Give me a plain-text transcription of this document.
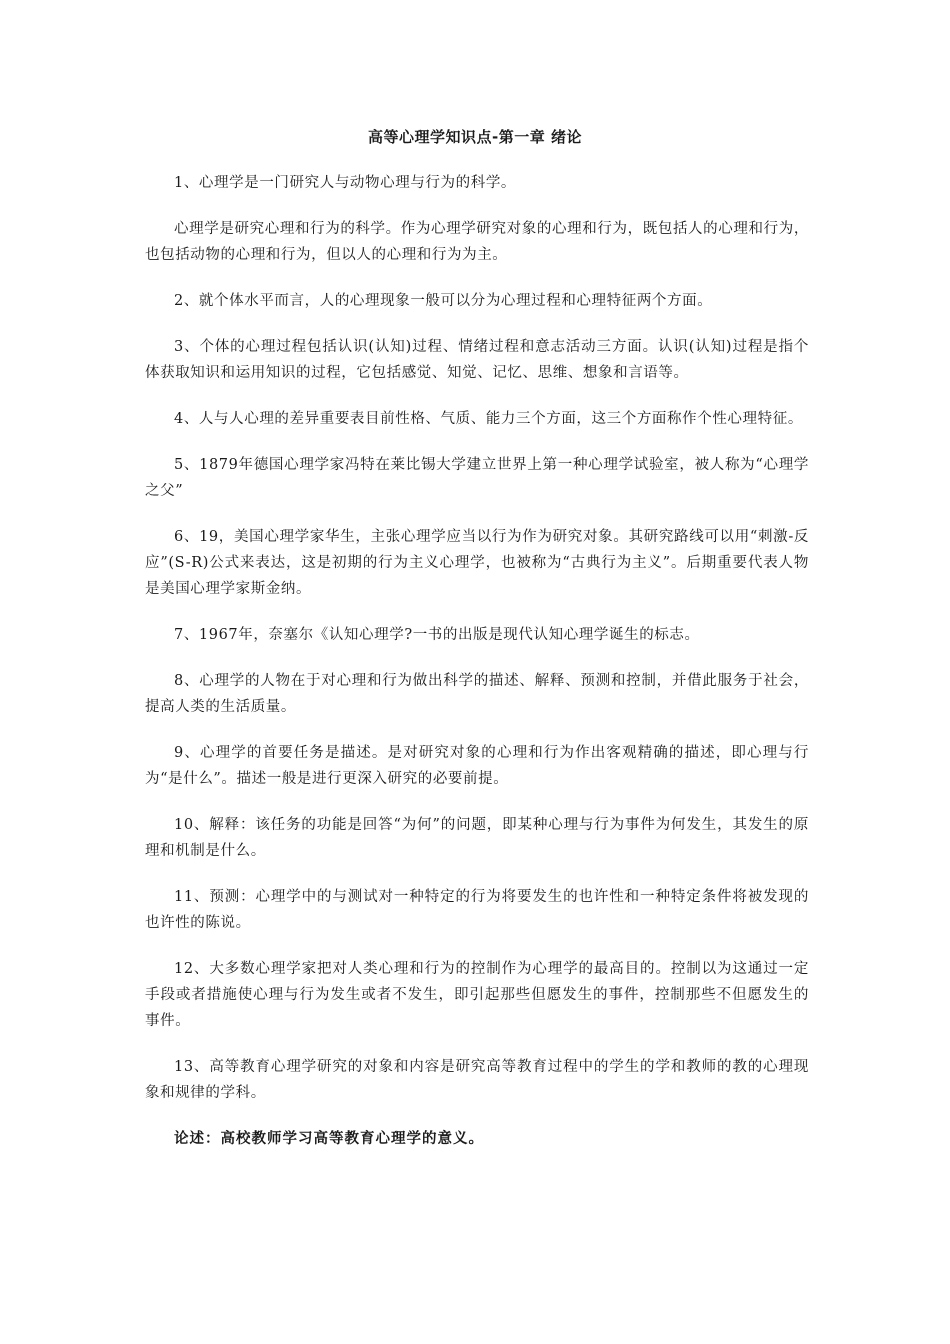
高等心理学知识点-第一章 绪论

1、心理学是一门研究人与动物心理与行为的科学。

心理学是研究心理和行为的科学。作为心理学研究对象的心理和行为，既包括人的心理和行为，也包括动物的心理和行为，但以人的心理和行为为主。

2、就个体水平而言，人的心理现象一般可以分为心理过程和心理特征两个方面。

3、个体的心理过程包括认识(认知)过程、情绪过程和意志活动三方面。认识(认知)过程是指个体获取知识和运用知识的过程，它包括感觉、知觉、记忆、思维、想象和言语等。

4、人与人心理的差异重要表目前性格、气质、能力三个方面，这三个方面称作个性心理特征。

5、1879年德国心理学家冯特在莱比锡大学建立世界上第一种心理学试验室，被人称为“心理学之父”

6、19，美国心理学家华生，主张心理学应当以行为作为研究对象。其研究路线可以用“刺激-反应”(S-R)公式来表达，这是初期的行为主义心理学，也被称为“古典行为主义”。后期重要代表人物是美国心理学家斯金纳。

7、1967年，奈塞尔《认知心理学?一书的出版是现代认知心理学诞生的标志。

8、心理学的人物在于对心理和行为做出科学的描述、解释、预测和控制，并借此服务于社会，提高人类的生活质量。

9、心理学的首要任务是描述。是对研究对象的心理和行为作出客观精确的描述，即心理与行为“是什么”。描述一般是进行更深入研究的必要前提。

10、解释：该任务的功能是回答“为何”的问题，即某种心理与行为事件为何发生，其发生的原理和机制是什么。

11、预测：心理学中的与测试对一种特定的行为将要发生的也许性和一种特定条件将被发现的也许性的陈说。

12、大多数心理学家把对人类心理和行为的控制作为心理学的最高目的。控制以为这通过一定手段或者措施使心理与行为发生或者不发生，即引起那些但愿发生的事件，控制那些不但愿发生的事件。

13、高等教育心理学研究的对象和内容是研究高等教育过程中的学生的学和教师的教的心理现象和规律的学科。

论述：高校教师学习高等教育心理学的意义。
